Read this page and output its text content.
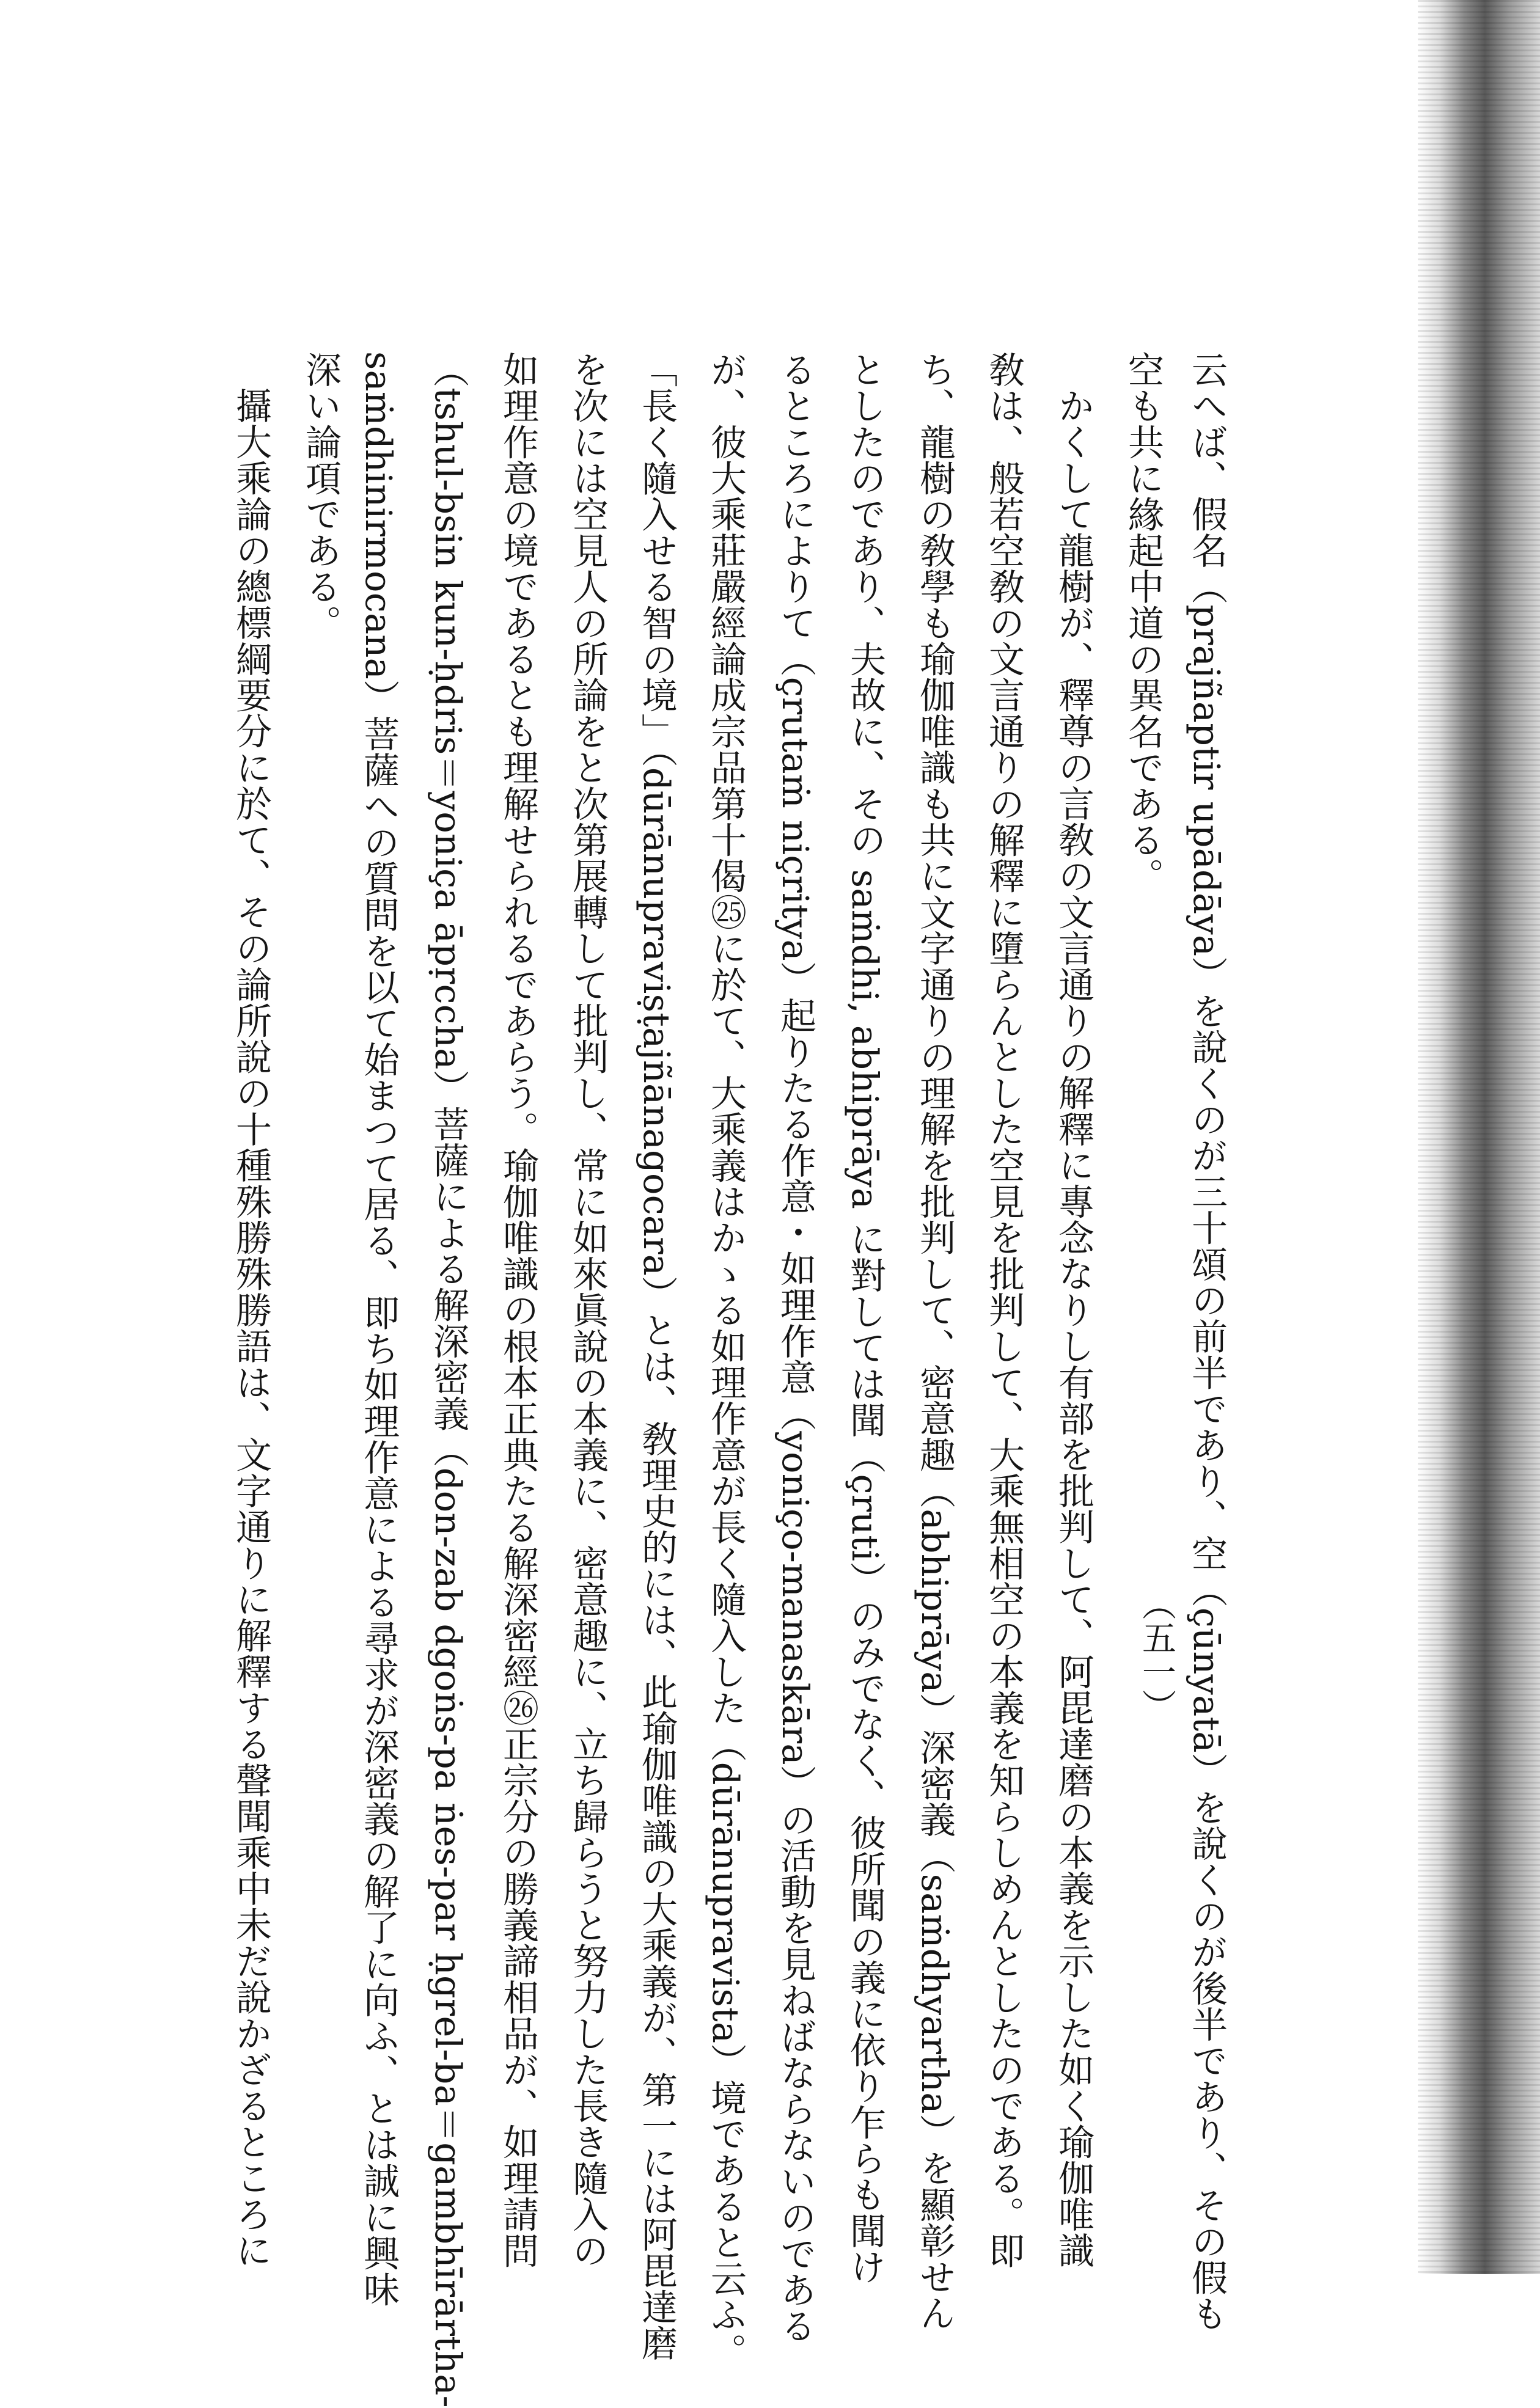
云へば、假名（prajñaptir upādāya）を說くのが三十頌の前半であり、空（çūnyatā）を說くのが後半であり、その假も
空も共に緣起中道の異名である。
かくして龍樹が、釋尊の言敎の文言通りの解釋に專念なりし有部を批判して、阿毘達磨の本義を示した如く瑜伽唯識
敎は、般若空敎の文言通りの解釋に墮らんとした空見を批判して、大乘無相空の本義を知らしめんとしたのである。即
ち、龍樹の敎學も瑜伽唯識も共に文字通りの理解を批判して、密意趣（abhiprāya）深密義（saṁdhyartha）を顯彰せん
としたのであり、夫故に、その saṁdhi, abhiprāya に對しては聞（çruti）のみでなく、彼所聞の義に依り乍らも聞け
るところによりて（çrutaṁ niçritya）起りたる作意・如理作意（yoniço-manaskāra）の活動を見ねばならないのである
が、彼大乘莊嚴經論成宗品第十偈㉕に於て、大乘義はかゝる如理作意が長く隨入した（dūrānupravista）境であると云ふ。
「長く隨入せる智の境」（dūrānupraviṣṭajñānagocara）とは、敎理史的には、此瑜伽唯識の大乘義が、第一には阿毘達磨
を次には空見人の所論をと次第展轉して批判し、常に如來眞說の本義に、密意趣に、立ち歸らうと努力した長き隨入の
如理作意の境であるとも理解せられるであらう。瑜伽唯識の根本正典たる解深密經㉖正宗分の勝義諦相品が、如理請問
（tshul-bsin kun-ḥdris＝yoniça āpṛccha）菩薩による解深密義（don-zab dgoṅs-pa ṅes-par ḥgrel-ba＝gambhīrārtha-
saṁdhinirmocana）菩薩への質問を以て始まつて居る、即ち如理作意による尋求が深密義の解了に向ふ、とは誠に興味
深い論項である。
攝大乘論の總標綱要分に於て、その論所說の十種殊勝殊勝語は、文字通りに解釋する聲聞乘中未だ說かざるところに	（五一）
